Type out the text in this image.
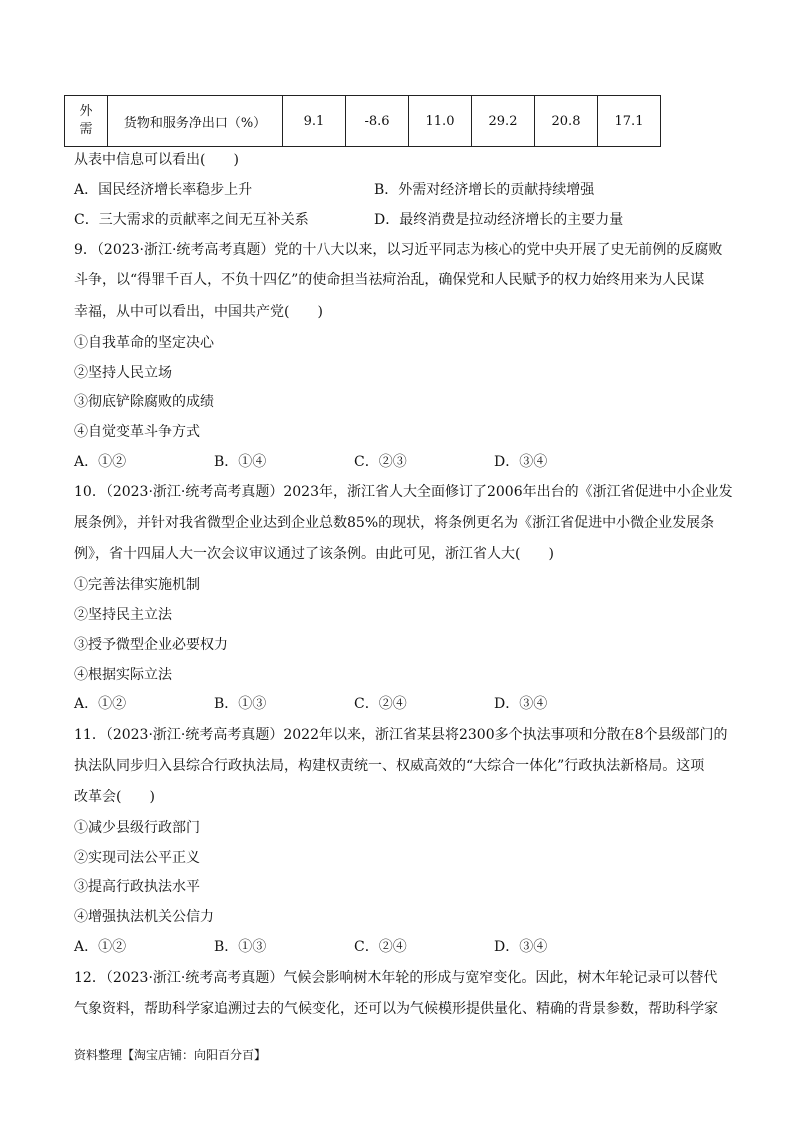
外
需	货物和服务净出口（%）	9.1	-8.6	11.0	29.2	20.8	17.1
从表中信息可以看出(　　)
A．国民经济增长率稳步上升	B．外需对经济增长的贡献持续增强
C．三大需求的贡献率之间无互补关系	D．最终消费是拉动经济增长的主要力量
9．（2023·浙江·统考高考真题）党的十八大以来，以习近平同志为核心的党中央开展了史无前例的反腐败
斗争，以“得罪千百人，不负十四亿”的使命担当祛疴治乱，确保党和人民赋予的权力始终用来为人民谋
幸福，从中可以看出，中国共产党(　　)
①自我革命的坚定决心
②坚持人民立场
③彻底铲除腐败的成绩
④自觉变革斗争方式
A．①②	B．①④	C．②③	D．③④
10．（2023·浙江·统考高考真题）2023年，浙江省人大全面修订了2006年出台的《浙江省促进中小企业发
展条例》，并针对我省微型企业达到企业总数85%的现状，将条例更名为《浙江省促进中小微企业发展条
例》，省十四届人大一次会议审议通过了该条例。由此可见，浙江省人大(　　)
①完善法律实施机制
②坚持民主立法
③授予微型企业必要权力
④根据实际立法
A．①②	B．①③	C．②④	D．③④
11．（2023·浙江·统考高考真题）2022年以来，浙江省某县将2300多个执法事项和分散在8个县级部门的
执法队同步归入县综合行政执法局，构建权责统一、权威高效的“大综合一体化”行政执法新格局。这项
改革会(　　)
①减少县级行政部门
②实现司法公平正义
③提高行政执法水平
④增强执法机关公信力
A．①②	B．①③	C．②④	D．③④
12．（2023·浙江·统考高考真题）气候会影响树木年轮的形成与宽窄变化。因此，树木年轮记录可以替代
气象资料，帮助科学家追溯过去的气候变化，还可以为气候模形提供量化、精确的背景参数，帮助科学家
资料整理【淘宝店铺：向阳百分百】
